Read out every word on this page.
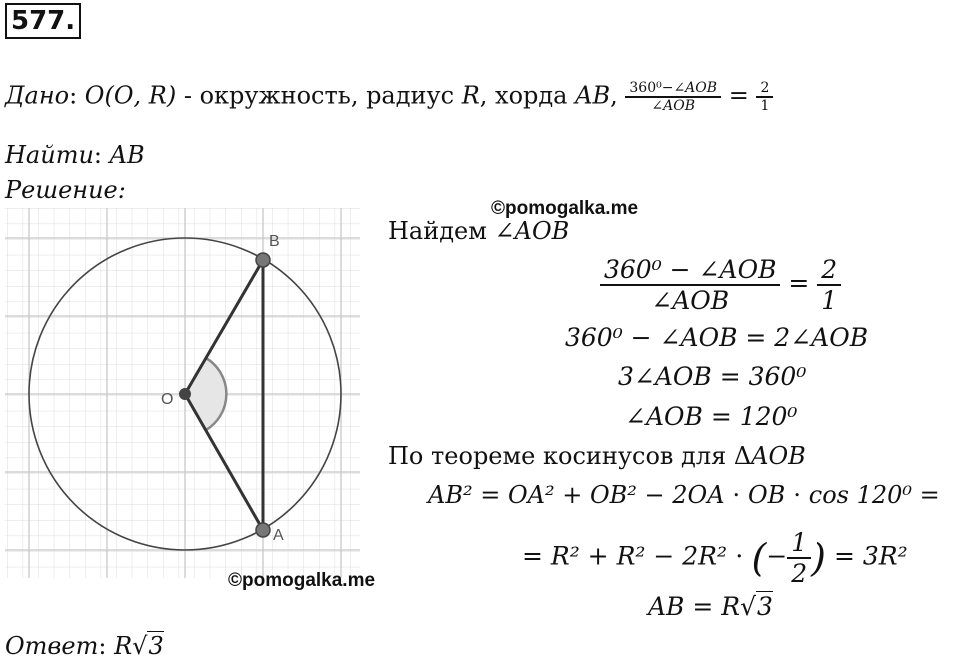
577.
Дано: 𝑂(𝑂, 𝑅) - окружность, радиус 𝑅, хорда 𝐴𝐵, $\frac{\text{360⁰−∠𝐴𝑂𝐵}}{\text{∠𝐴𝑂𝐵}} = \frac{2}{1}$
Найти: 𝐴𝐵
Решение:
O
B
A
©pomogalka.me
©pomogalka.me
Найдем ∠𝐴𝑂𝐵
$\frac{\text{360⁰ − ∠𝐴𝑂𝐵}}{\text{∠𝐴𝑂𝐵}} = \frac{2}{1}$
360⁰ − ∠𝐴𝑂𝐵 = 2∠𝐴𝑂𝐵
3∠𝐴𝑂𝐵 = 360⁰
∠𝐴𝑂𝐵 = 120⁰
По теореме косинусов для Δ𝐴𝑂𝐵
𝐴𝐵² = 𝑂𝐴² + 𝑂𝐵² − 2𝑂𝐴 ⋅ 𝑂𝐵 ⋅ cos 120⁰ =
= 𝑅² + 𝑅² − 2𝑅² ⋅ (− $\frac{1}{2}$ ) = 3𝑅²
𝐴𝐵 = 𝑅√3
Ответ: 𝑅√3
